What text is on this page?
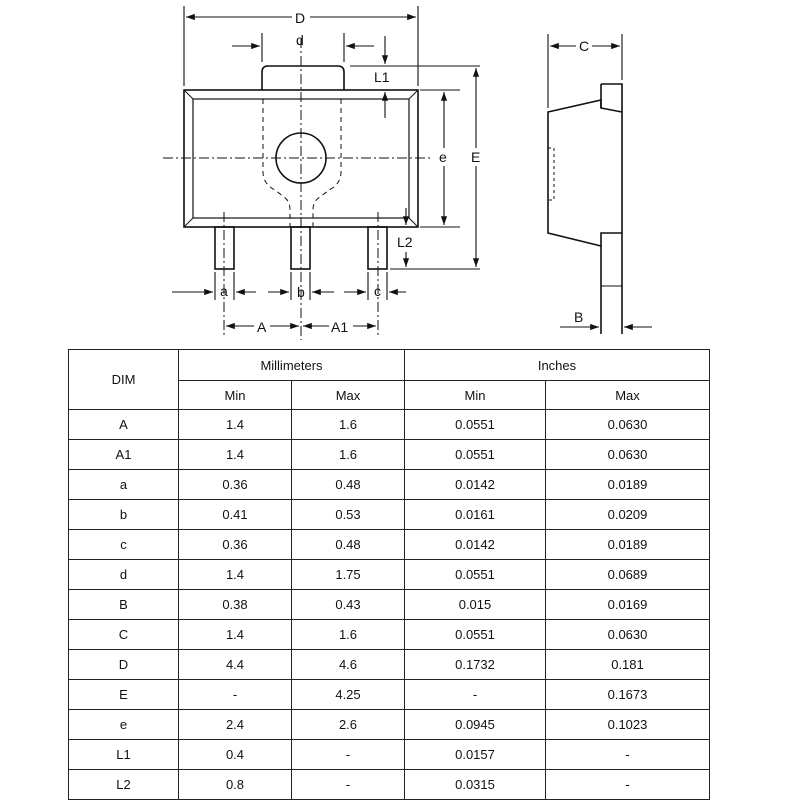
D
d
L1
e E
L2
a	b	c
A	A1
C
B
DIM	Millimeters		Inches	
	Min	Max	Min	Max
A	1.4	1.6	0.0551	0.0630
A1	1.4	1.6	0.0551	0.0630
a	0.36	0.48	0.0142	0.0189
b	0.41	0.53	0.0161	0.0209
c	0.36	0.48	0.0142	0.0189
d	1.4	1.75	0.0551	0.0689
B	0.38	0.43	0.015	0.0169
C	1.4	1.6	0.0551	0.0630
D	4.4	4.6	0.1732	0.181
E	-	4.25	-	0.1673
e	2.4	2.6	0.0945	0.1023
L1	0.4	-	0.0157	-
L2	0.8	-	0.0315	-
